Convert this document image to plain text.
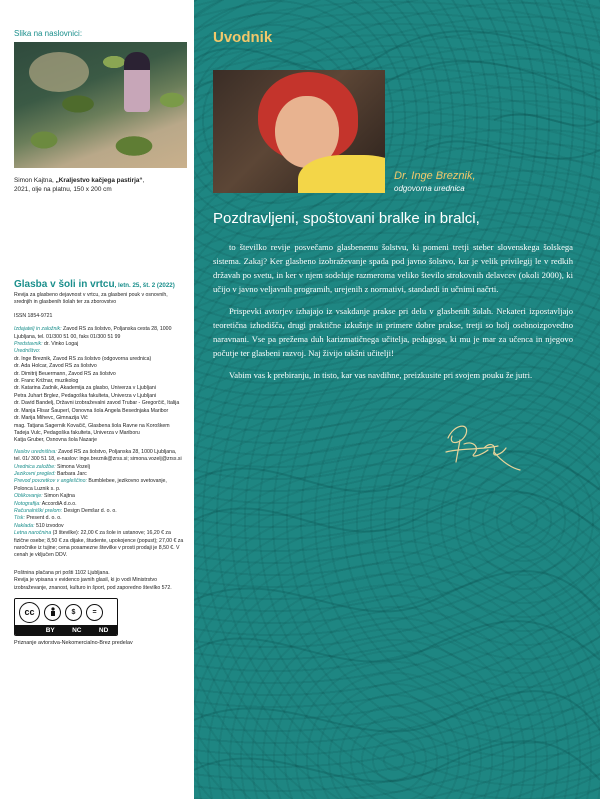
Slika na naslovnici:
Simon Kajtna, „Kraljestvo kačjega pastirja“,
2021, olje na platnu, 150 x 200 cm
Glasba v šoli in vrtcu, letn. 25, št. 2 (2022)

Revija za glasbeno dejavnost v vrtcu, za glasbeni pouk v osnovnih, srednjih in glasbenih šolah ter za zborovstvo

ISSN 1854-9721

Izdajatelj in založnik: Zavod RS za šolstvo, Poljanska cesta 28, 1000 Ljubljana, tel. 01/300 51 00, faks 01/300 51 99

Predstavnik: dr. Vinko Logaj

Uredništvo:

dr. Inge Breznik, Zavod RS za šolstvo (odgovorna urednica)

dr. Ada Holcar, Zavod RS za šolstvo

dr. Dimitrij Beuermann, Zavod RS za šolstvo

dr. Franc Križnar, muzikolog

dr. Katarina Zadnik, Akademija za glasbo, Univerza v Ljubljani

Petra Juhart Brglez, Pedagoška fakulteta, Univerza v Ljubljani

dr. David Bandelj, Državni izobraževalni zavod Trubar - Gregorčič, Italija

dr. Manja Flisar Šauperl, Osnovna šola Angela Besednjaka Maribor

dr. Marija Mihevc, Gimnazija Vič

mag. Tatjana Sagernik Kovačič, Glasbena šola Ravne na Koroškem

Tadeja Vulc, Pedagoška fakulteta, Univerza v Mariboru

Katja Gruber, Osnovna šola Nazarje

Naslov uredništva: Zavod RS za šolstvo, Poljanska 28, 1000 Ljubljana, tel. 01/ 300 51 18, e-naslov: inge.breznik@zrss.si; simona.vozelj@zrss.si

Urednica založbe: Simona Vozelj

Jezikovni pregled: Barbara Jarc

Prevod povzetkov v angleščino: Bumblebee, jezikovno svetovanje, Polonca Luznik s. p.

Oblikovanje: Simon Kajtna

Notografija: AccordiA d.o.o.

Računalniški prelom: Design Demšar d. o. o.

Tisk: Present d. o. o.

Naklada: 510 izvodov

Letna naročnina (3 številke): 22,00 € za šole in ustanove; 16,20 € za fizične osebe; 8,50 € za dijake, študente, upokojence (popust); 27,00 € za naročnike iz tujine; cena posamezne številke v prosti prodaji je 8,50 €. V cenah je vključen DDV.

Poštnina plačana pri pošti 1102 Ljubljana.

Revija je vpisana v evidenco javnih glasil, ki jo vodi Ministrstvo izobraževanje, znanost, kulturo in šport, pod zaporedno številko 572.

cc	$	=
BY	NC	ND
Priznanje avtorstva-Nekomercialno-Brez predelav
Uvodnik
Dr. Inge Breznik,
odgovorna urednica
Pozdravljeni, spoštovani bralke in bralci,

to številko revije posvečamo glasbenemu šolstvu, ki pomeni tretji steber slovenskega šolskega sistema. Zakaj? Ker glasbeno izobraževanje spada pod javno šolstvo, kar je velik privilegij le v redkih državah po svetu, in ker v njem sodeluje razmeroma veliko število strokovnih delavcev (okoli 2000), ki učijo v javno veljavnih programih, urejenih z normativi, standardi in učnimi načrti.

Prispevki avtorjev izhajajo iz vsakdanje prakse pri delu v glasbenih šolah. Nekateri izpostavljajo teoretična izhodišča, drugi praktične izkušnje in primere dobre prakse, tretji so bolj osebnoizpovedno naravnani. Vse pa prežema duh karizmatičnega učitelja, pedagoga, ki mu je mar za učenca in njegovo počutje ter glasbeni razvoj. Naj živijo takšni učitelji!

Vabim vas k prebiranju, in tisto, kar vas navdihne, preizkusite pri svojem pouku že jutri.
